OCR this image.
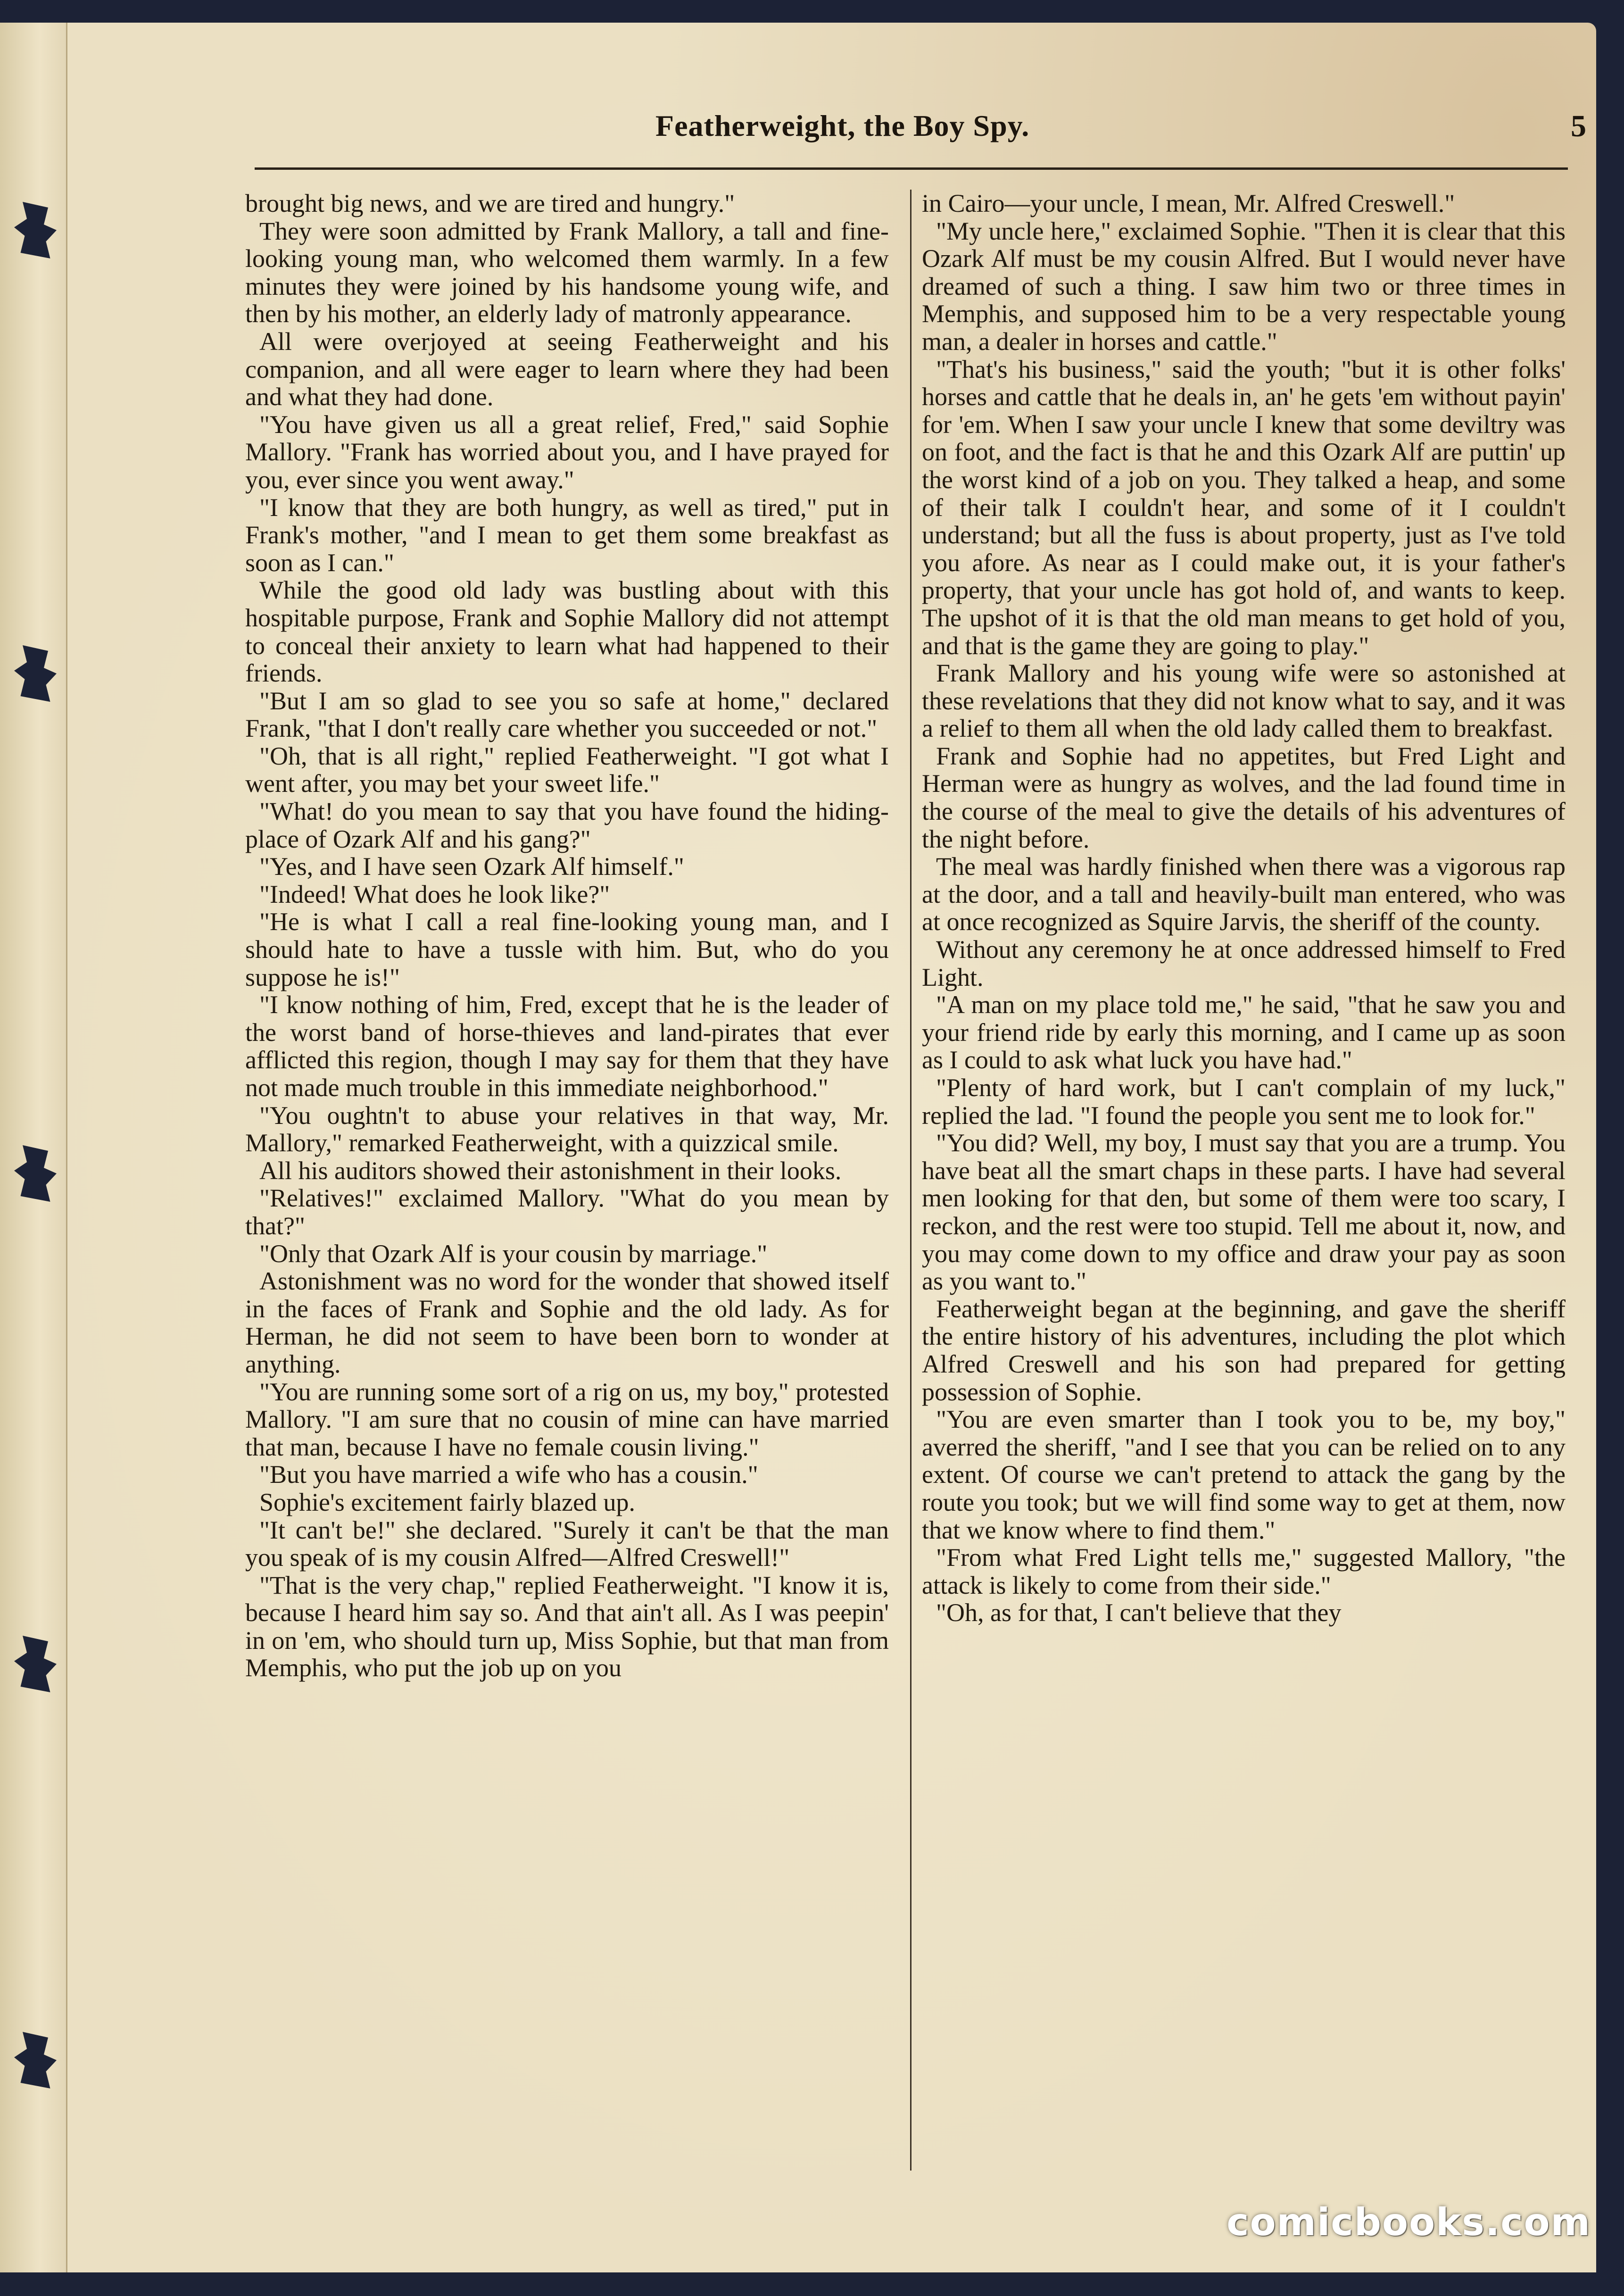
Featherweight, the Boy Spy.	5

brought big news, and we are tired and hungry."

They were soon admitted by Frank Mallory, a tall and fine-looking young man, who welcomed them warmly. In a few minutes they were joined by his handsome young wife, and then by his mother, an elderly lady of matronly appearance.

All were overjoyed at seeing Featherweight and his companion, and all were eager to learn where they had been and what they had done.

"You have given us all a great relief, Fred," said Sophie Mallory. "Frank has worried about you, and I have prayed for you, ever since you went away."

"I know that they are both hungry, as well as tired," put in Frank's mother, "and I mean to get them some breakfast as soon as I can."

While the good old lady was bustling about with this hospitable purpose, Frank and Sophie Mallory did not attempt to conceal their anxiety to learn what had happened to their friends.

"But I am so glad to see you so safe at home," declared Frank, "that I don't really care whether you succeeded or not."

"Oh, that is all right," replied Featherweight. "I got what I went after, you may bet your sweet life."

"What! do you mean to say that you have found the hiding-place of Ozark Alf and his gang?"

"Yes, and I have seen Ozark Alf himself."

"Indeed! What does he look like?"

"He is what I call a real fine-looking young man, and I should hate to have a tussle with him. But, who do you suppose he is!"

"I know nothing of him, Fred, except that he is the leader of the worst band of horse-thieves and land-pirates that ever afflicted this region, though I may say for them that they have not made much trouble in this immediate neighborhood."

"You oughtn't to abuse your relatives in that way, Mr. Mallory," remarked Featherweight, with a quizzical smile.

All his auditors showed their astonishment in their looks.

"Relatives!" exclaimed Mallory. "What do you mean by that?"

"Only that Ozark Alf is your cousin by marriage."

Astonishment was no word for the wonder that showed itself in the faces of Frank and Sophie and the old lady. As for Herman, he did not seem to have been born to wonder at anything.

"You are running some sort of a rig on us, my boy," protested Mallory. "I am sure that no cousin of mine can have married that man, because I have no female cousin living."

"But you have married a wife who has a cousin."

Sophie's excitement fairly blazed up.

"It can't be!" she declared. "Surely it can't be that the man you speak of is my cousin Alfred—Alfred Creswell!"

"That is the very chap," replied Featherweight. "I know it is, because I heard him say so. And that ain't all. As I was peepin' in on 'em, who should turn up, Miss Sophie, but that man from Memphis, who put the job up on you

in Cairo—your uncle, I mean, Mr. Alfred Creswell."

"My uncle here," exclaimed Sophie. "Then it is clear that this Ozark Alf must be my cousin Alfred. But I would never have dreamed of such a thing. I saw him two or three times in Memphis, and supposed him to be a very respectable young man, a dealer in horses and cattle."

"That's his business," said the youth; "but it is other folks' horses and cattle that he deals in, an' he gets 'em without payin' for 'em. When I saw your uncle I knew that some deviltry was on foot, and the fact is that he and this Ozark Alf are puttin' up the worst kind of a job on you. They talked a heap, and some of their talk I couldn't hear, and some of it I couldn't understand; but all the fuss is about property, just as I've told you afore. As near as I could make out, it is your father's property, that your uncle has got hold of, and wants to keep. The upshot of it is that the old man means to get hold of you, and that is the game they are going to play."

Frank Mallory and his young wife were so astonished at these revelations that they did not know what to say, and it was a relief to them all when the old lady called them to breakfast.

Frank and Sophie had no appetites, but Fred Light and Herman were as hungry as wolves, and the lad found time in the course of the meal to give the details of his adventures of the night before.

The meal was hardly finished when there was a vigorous rap at the door, and a tall and heavily-built man entered, who was at once recognized as Squire Jarvis, the sheriff of the county.

Without any ceremony he at once addressed himself to Fred Light.

"A man on my place told me," he said, "that he saw you and your friend ride by early this morning, and I came up as soon as I could to ask what luck you have had."

"Plenty of hard work, but I can't complain of my luck," replied the lad. "I found the people you sent me to look for."

"You did? Well, my boy, I must say that you are a trump. You have beat all the smart chaps in these parts. I have had several men looking for that den, but some of them were too scary, I reckon, and the rest were too stupid. Tell me about it, now, and you may come down to my office and draw your pay as soon as you want to."

Featherweight began at the beginning, and gave the sheriff the entire history of his adventures, including the plot which Alfred Creswell and his son had prepared for getting possession of Sophie.

"You are even smarter than I took you to be, my boy," averred the sheriff, "and I see that you can be relied on to any extent. Of course we can't pretend to attack the gang by the route you took; but we will find some way to get at them, now that we know where to find them."

"From what Fred Light tells me," suggested Mallory, "the attack is likely to come from their side."

"Oh, as for that, I can't believe that they

comicbooks.com
